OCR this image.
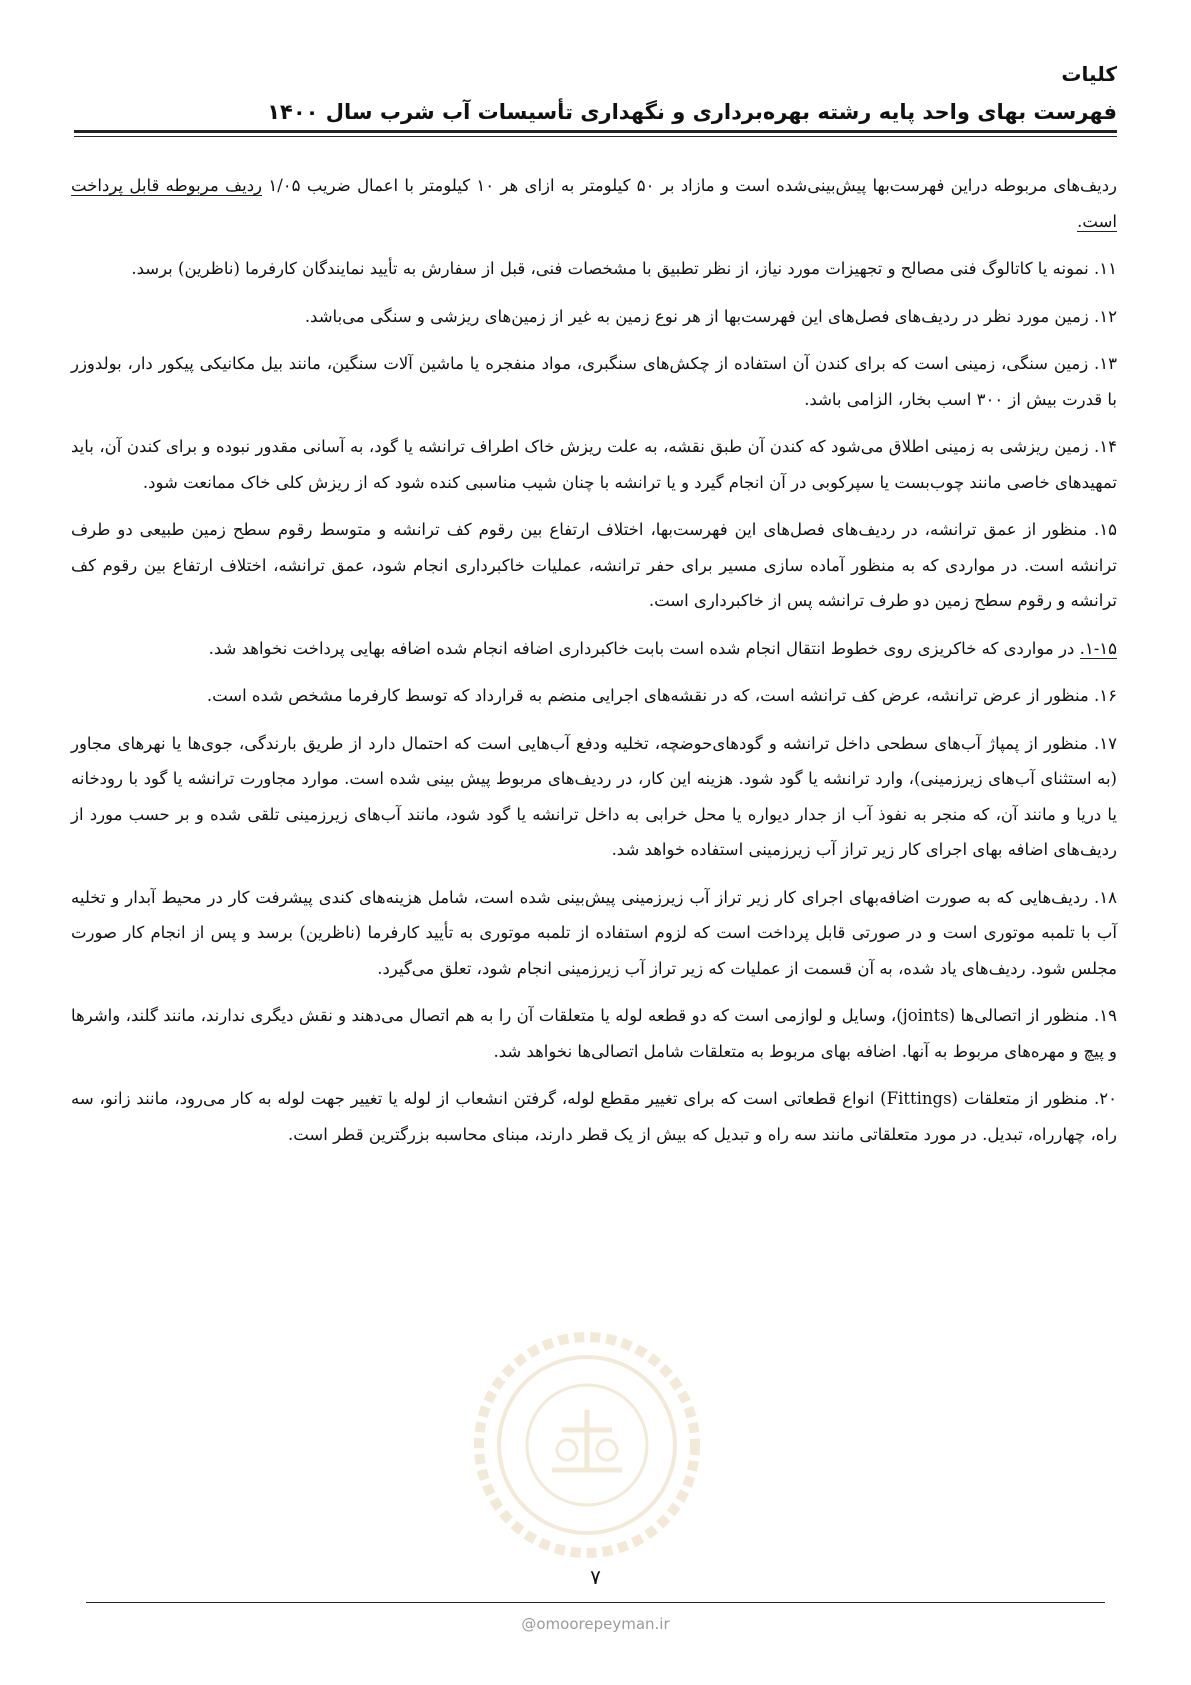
کلیات
فهرست بهای واحد پایه رشته بهره‌برداری و نگهداری تأسیسات آب شرب سال ۱۴۰۰

ردیف‌های مربوطه دراین فهرست‌بها پیش‌بینی‌شده است و مازاد بر ۵۰ کیلومتر به ازای هر ۱۰ کیلومتر با اعمال ضریب ۱/۰۵ ردیف مربوطه قابل پرداخت است.

۱۱. نمونه یا کاتالوگ فنی مصالح و تجهیزات مورد نیاز، از نظر تطبیق با مشخصات فنی، قبل از سفارش به تأیید نمایندگان کارفرما (ناظرین) برسد.

۱۲. زمین مورد نظر در ردیف‌های فصل‌های این فهرست‌بها از هر نوع زمین به غیر از زمین‌های ریزشی و سنگی می‌باشد.

۱۳. زمین سنگی، زمینی است که برای کندن آن استفاده از چکش‌های سنگبری، مواد منفجره یا ماشین آلات سنگین، مانند بیل مکانیکی پیکور دار، بولدوزر با قدرت بیش از ۳۰۰ اسب بخار، الزامی باشد.

۱۴. زمین ریزشی به زمینی اطلاق می‌شود که کندن آن طبق نقشه، به علت ریزش خاک اطراف ترانشه یا گود، به آسانی مقدور نبوده و برای کندن آن، باید تمهیدهای خاصی مانند چوب‌بست یا سپرکوبی در آن انجام گیرد و یا ترانشه با چنان شیب مناسبی کنده شود که از ریزش کلی خاک ممانعت شود.

۱۵. منظور از عمق ترانشه، در ردیف‌های فصل‌های این فهرست‌بها، اختلاف ارتفاع بین رقوم کف ترانشه و متوسط رقوم سطح زمین طبیعی دو طرف ترانشه است. در مواردی که به منظور آماده سازی مسیر برای حفر ترانشه، عملیات خاکبرداری انجام شود، عمق ترانشه، اختلاف ارتفاع بین رقوم کف ترانشه و رقوم سطح زمین دو طرف ترانشه پس از خاکبرداری است.

۱-۱۵. در مواردی که خاکریزی روی خطوط انتقال انجام شده است بابت خاکبرداری اضافه انجام شده اضافه بهایی پرداخت نخواهد شد.

۱۶. منظور از عرض ترانشه، عرض کف ترانشه است، که در نقشه‌های اجرایی منضم به قرارداد که توسط کارفرما مشخص شده است.

۱۷. منظور از پمپاژ آب‌های سطحی داخل ترانشه و گودهای‌حوضچه، تخلیه ودفع آب‌هایی است که احتمال دارد از طریق بارندگی، جوی‌ها یا نهرهای مجاور (به استثنای آب‌های زیرزمینی)، وارد ترانشه یا گود شود. هزینه این کار، در ردیف‌های مربوط پیش بینی شده است. موارد مجاورت ترانشه یا گود با رودخانه یا دریا و مانند آن، که منجر به نفوذ آب از جدار دیواره یا محل خرابی به داخل ترانشه یا گود شود، مانند آب‌های زیرزمینی تلقی شده و بر حسب مورد از ردیف‌های اضافه بهای اجرای کار زیر تراز آب زیرزمینی استفاده خواهد شد.

۱۸. ردیف‌هایی که به صورت اضافه‌بهای اجرای کار زیر تراز آب زیرزمینی پیش‌بینی شده است، شامل هزینه‌های کندی پیشرفت کار در محیط آبدار و تخلیه آب با تلمبه موتوری است و در صورتی قابل پرداخت است که لزوم استفاده از تلمبه موتوری به تأیید کارفرما (ناظرین) برسد و پس از انجام کار صورت مجلس شود. ردیف‌های یاد شده، به آن قسمت از عملیات که زیر تراز آب زیرزمینی انجام شود، تعلق می‌گیرد.

۱۹. منظور از اتصالی‌ها (joints)، وسایل و لوازمی است که دو قطعه لوله یا متعلقات آن را به هم اتصال می‌دهند و نقش دیگری ندارند، مانند گلند، واشرها و پیچ و مهره‌های مربوط به آنها. اضافه بهای مربوط به متعلقات شامل اتصالی‌ها نخواهد شد.

۲۰. منظور از متعلقات (Fittings) انواع قطعاتی است که برای تغییر مقطع لوله، گرفتن انشعاب از لوله یا تغییر جهت لوله به کار می‌رود، مانند زانو، سه راه، چهارراه، تبدیل. در مورد متعلقاتی مانند سه راه و تبدیل که بیش از یک قطر دارند، مبنای محاسبه بزرگترین قطر است.

۷
@omoorepeyman.ir
